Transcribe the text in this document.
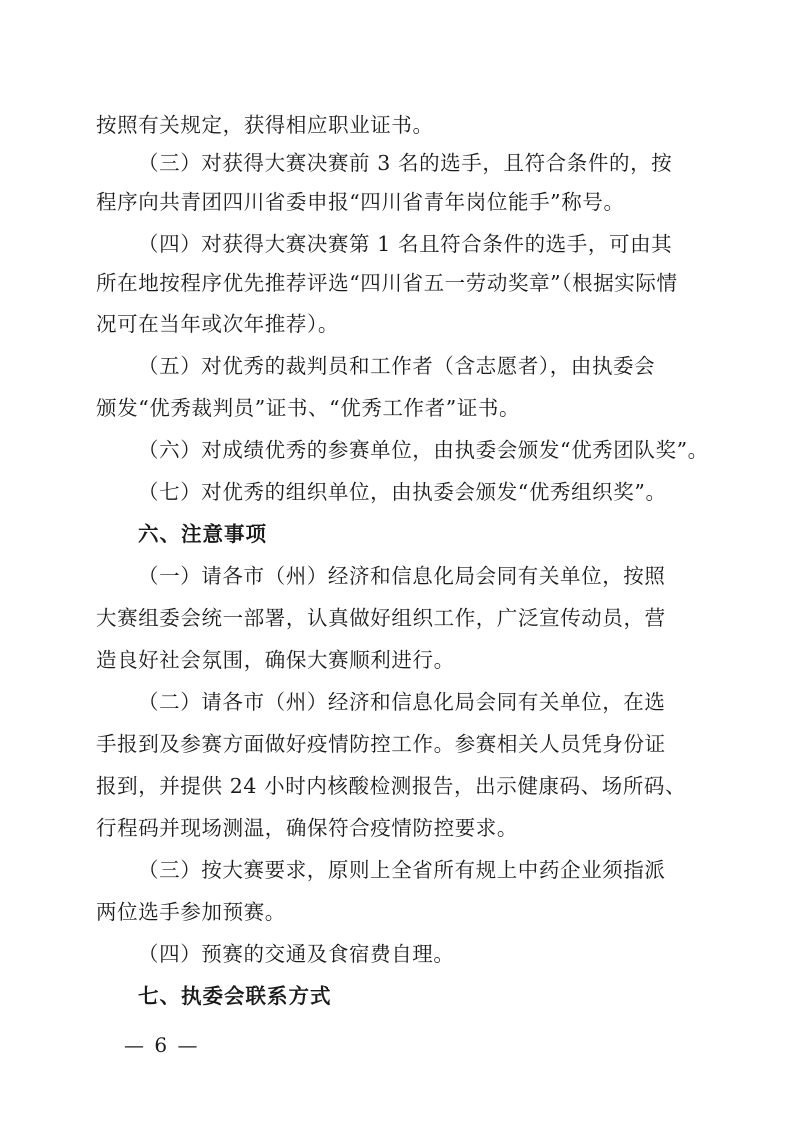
按照有关规定，获得相应职业证书。
（三）对获得大赛决赛前 3 名的选手，且符合条件的，按
程序向共青团四川省委申报“四川省青年岗位能手”称号。
（四）对获得大赛决赛第 1 名且符合条件的选手，可由其
所在地按程序优先推荐评选“四川省五一劳动奖章”（根据实际情
况可在当年或次年推荐）。
（五）对优秀的裁判员和工作者（含志愿者），由执委会
颁发“优秀裁判员”证书、“优秀工作者”证书。
（六）对成绩优秀的参赛单位，由执委会颁发“优秀团队奖”。
（七）对优秀的组织单位，由执委会颁发“优秀组织奖”。
六、注意事项
（一）请各市（州）经济和信息化局会同有关单位，按照
大赛组委会统一部署，认真做好组织工作，广泛宣传动员，营
造良好社会氛围，确保大赛顺利进行。
（二）请各市（州）经济和信息化局会同有关单位，在选
手报到及参赛方面做好疫情防控工作。参赛相关人员凭身份证
报到，并提供 24 小时内核酸检测报告，出示健康码、场所码、
行程码并现场测温，确保符合疫情防控要求。
（三）按大赛要求，原则上全省所有规上中药企业须指派
两位选手参加预赛。
（四）预赛的交通及食宿费自理。
七、执委会联系方式
— 6 —
